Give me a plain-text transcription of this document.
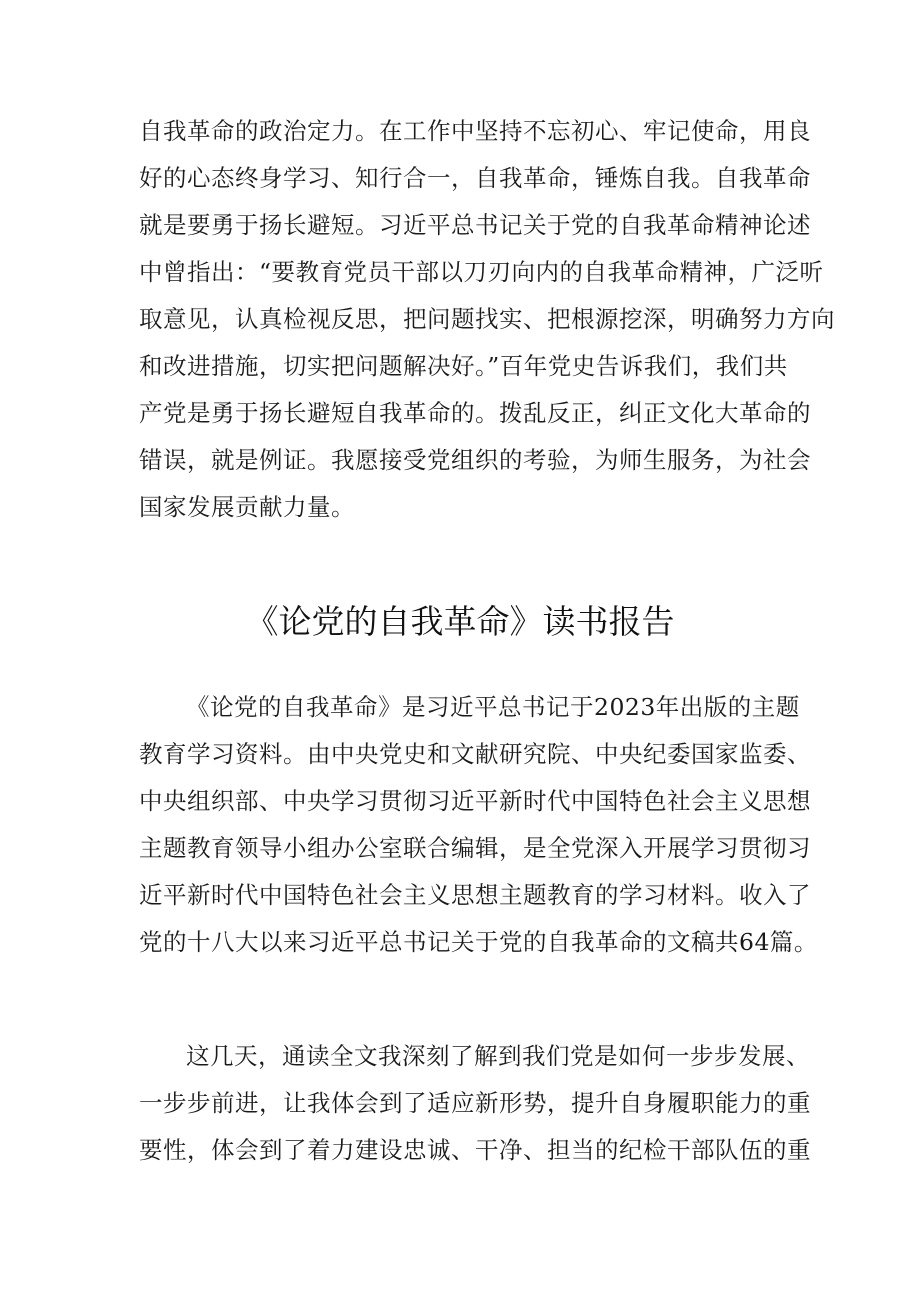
自我革命的政治定力。在工作中坚持不忘初心、牢记使命，用良
好的心态终身学习、知行合一，自我革命，锤炼自我。自我革命
就是要勇于扬长避短。习近平总书记关于党的自我革命精神论述
中曾指出：“要教育党员干部以刀刃向内的自我革命精神，广泛听
取意见，认真检视反思，把问题找实、把根源挖深，明确努力方向
和改进措施，切实把问题解决好。”百年党史告诉我们，我们共
产党是勇于扬长避短自我革命的。拨乱反正，纠正文化大革命的
错误，就是例证。我愿接受党组织的考验，为师生服务，为社会
国家发展贡献力量。
《论党的自我革命》读书报告
《论党的自我革命》是习近平总书记于2023年出版的主题
教育学习资料。由中央党史和文献研究院、中央纪委国家监委、
中央组织部、中央学习贯彻习近平新时代中国特色社会主义思想
主题教育领导小组办公室联合编辑，是全党深入开展学习贯彻习
近平新时代中国特色社会主义思想主题教育的学习材料。收入了
党的十八大以来习近平总书记关于党的自我革命的文稿共64篇。
这几天，通读全文我深刻了解到我们党是如何一步步发展、
一步步前进，让我体会到了适应新形势，提升自身履职能力的重
要性，体会到了着力建设忠诚、干净、担当的纪检干部队伍的重
